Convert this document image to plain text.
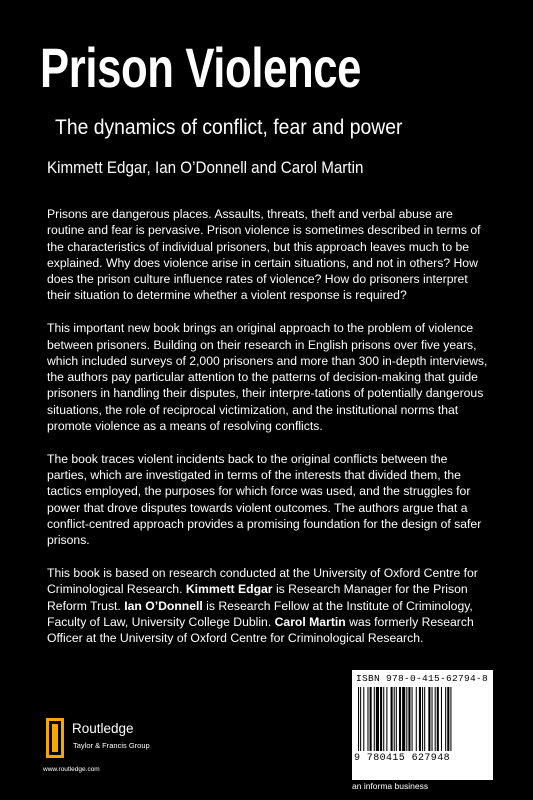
Prison Violence
The dynamics of conflict, fear and power
Kimmett Edgar, Ian O’Donnell and Carol Martin

Prisons are dangerous places. Assaults, threats, theft and verbal abuse are routine and fear is pervasive. Prison violence is sometimes described in terms of the characteristics of individual prisoners, but this approach leaves much to be explained. Why does violence arise in certain situations, and not in others? How does the prison culture influence rates of violence? How do prisoners interpret their situation to determine whether a violent response is required?

This important new book brings an original approach to the problem of violence between prisoners. Building on their research in English prisons over five years, which included surveys of 2,000 prisoners and more than 300 in-depth interviews, the authors pay particular attention to the patterns of decision-making that guide prisoners in handling their disputes, their interpre-tations of potentially dangerous situations, the role of reciprocal victimization, and the institutional norms that promote violence as a means of resolving conflicts.

The book traces violent incidents back to the original conflicts between the parties, which are investigated in terms of the interests that divided them, the tactics employed, the purposes for which force was used, and the struggles for power that drove disputes towards violent outcomes. The authors argue that a conflict-centred approach provides a promising foundation for the design of safer prisons.

This book is based on research conducted at the University of Oxford Centre for Criminological Research. Kimmett Edgar is Research Manager for the Prison Reform Trust. Ian O’Donnell is Research Fellow at the Institute of Criminology, Faculty of Law, University College Dublin. Carol Martin was formerly Research Officer at the University of Oxford Centre for Criminological Research.

Routledge
Taylor & Francis Group
www.routledge.com
ISBN 978-0-415-62794-8
9 780415 627948
an informa business
